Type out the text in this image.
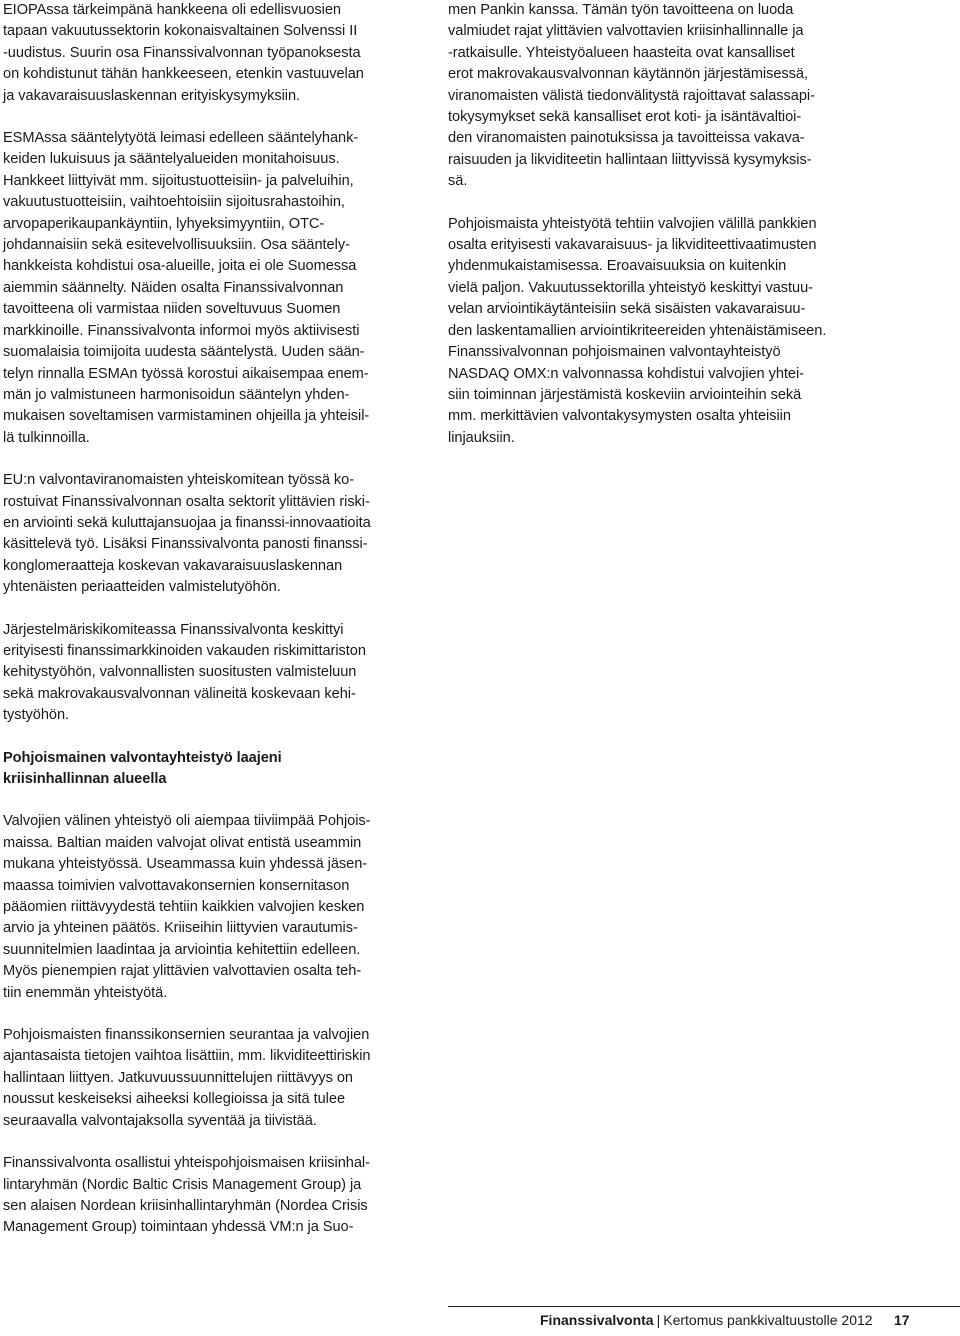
EIOPAssa tärkeimpänä hankkeena oli edellisvuosien
tapaan vakuutussektorin kokonaisvaltainen Solvenssi II
-uudistus. Suurin osa Finanssivalvonnan työpanoksesta
on kohdistunut tähän hankkeeseen, etenkin vastuuvelan
ja vakavaraisuuslaskennan erityiskysymyksiin.

ESMAssa sääntelytyötä leimasi edelleen sääntelyhank-
keiden lukuisuus ja sääntelyalueiden monitahoisuus.
Hankkeet liittyivät mm. sijoitustuotteisiin- ja palveluihin,
vakuutustuotteisiin, vaihtoehtoisiin sijoitusrahastoihin,
arvopaperikaupankäyntiin, lyhyeksimyyntiin, OTC-
johdannaisiin sekä esitevelvollisuuksiin. Osa sääntely-
hankkeista kohdistui osa-alueille, joita ei ole Suomessa
aiemmin säännelty. Näiden osalta Finanssivalvonnan
tavoitteena oli varmistaa niiden soveltuvuus Suomen
markkinoille. Finanssivalvonta informoi myös aktiivisesti
suomalaisia toimijoita uudesta sääntelystä. Uuden sään-
telyn rinnalla ESMAn työssä korostui aikaisempaa enem-
män jo valmistuneen harmonisoidun sääntelyn yhden-
mukaisen soveltamisen varmistaminen ohjeilla ja yhteisil-
lä tulkinnoilla.

EU:n valvontaviranomaisten yhteiskomitean työssä ko-
rostuivat Finanssivalvonnan osalta sektorit ylittävien riski-
en arviointi sekä kuluttajansuojaa ja finanssi-innovaatioita
käsittelevä työ. Lisäksi Finanssivalvonta panosti finanssi-
konglomeraatteja koskevan vakavaraisuuslaskennan
yhtenäisten periaatteiden valmistelutyöhön.

Järjestelmäriskikomiteassa Finanssivalvonta keskittyi
erityisesti finanssimarkkinoiden vakauden riskimittariston
kehitystyöhön, valvonnallisten suositusten valmisteluun
sekä makrovakausvalvonnan välineitä koskevaan kehi-
tystyöhön.

Pohjoismainen valvontayhteistyö laajeni
kriisinhallinnan alueella

Valvojien välinen yhteistyö oli aiempaa tiiviimpää Pohjois-
maissa. Baltian maiden valvojat olivat entistä useammin
mukana yhteistyössä. Useammassa kuin yhdessä jäsen-
maassa toimivien valvottavakonsernien konsernitason
pääomien riittävyydestä tehtiin kaikkien valvojien kesken
arvio ja yhteinen päätös. Kriiseihin liittyvien varautumis-
suunnitelmien laadintaa ja arviointia kehitettiin edelleen.
Myös pienempien rajat ylittävien valvottavien osalta teh-
tiin enemmän yhteistyötä.

Pohjoismaisten finanssikonsernien seurantaa ja valvojien
ajantasaista tietojen vaihtoa lisättiin, mm. likviditeettiriskin
hallintaan liittyen. Jatkuvuussuunnittelujen riittävyys on
noussut keskeiseksi aiheeksi kollegioissa ja sitä tulee
seuraavalla valvontajaksolla syventää ja tiivistää.

Finanssivalvonta osallistui yhteispohjoismaisen kriisinhal-
lintaryhmän (Nordic Baltic Crisis Management Group) ja
sen alaisen Nordean kriisinhallintaryhmän (Nordea Crisis
Management Group) toimintaan yhdessä VM:n ja Suo-

men Pankin kanssa. Tämän työn tavoitteena on luoda
valmiudet rajat ylittävien valvottavien kriisinhallinnalle ja
-ratkaisulle. Yhteistyöalueen haasteita ovat kansalliset
erot makrovakausvalvonnan käytännön järjestämisessä,
viranomaisten välistä tiedonvälitystä rajoittavat salassapi-
tokysymykset sekä kansalliset erot koti- ja isäntävaltioi-
den viranomaisten painotuksissa ja tavoitteissa vakava-
raisuuden ja likviditeetin hallintaan liittyvissä kysymyksis-
sä.

Pohjoismaista yhteistyötä tehtiin valvojien välillä pankkien
osalta erityisesti vakavaraisuus- ja likviditeettivaatimusten
yhdenmukaistamisessa. Eroavaisuuksia on kuitenkin
vielä paljon. Vakuutussektorilla yhteistyö keskittyi vastuu-
velan arviointikäytänteisiin sekä sisäisten vakavaraisuu-
den laskentamallien arviointikriteereiden yhtenäistämiseen.
Finanssivalvonnan pohjoismainen valvontayhteistyö
NASDAQ OMX:n valvonnassa kohdistui valvojien yhtei-
siin toiminnan järjestämistä koskeviin arviointeihin sekä
mm. merkittävien valvontakysymysten osalta yhteisiin
linjauksiin.

Finanssivalvonta | Kertomus pankkivaltuustolle 2012 17
